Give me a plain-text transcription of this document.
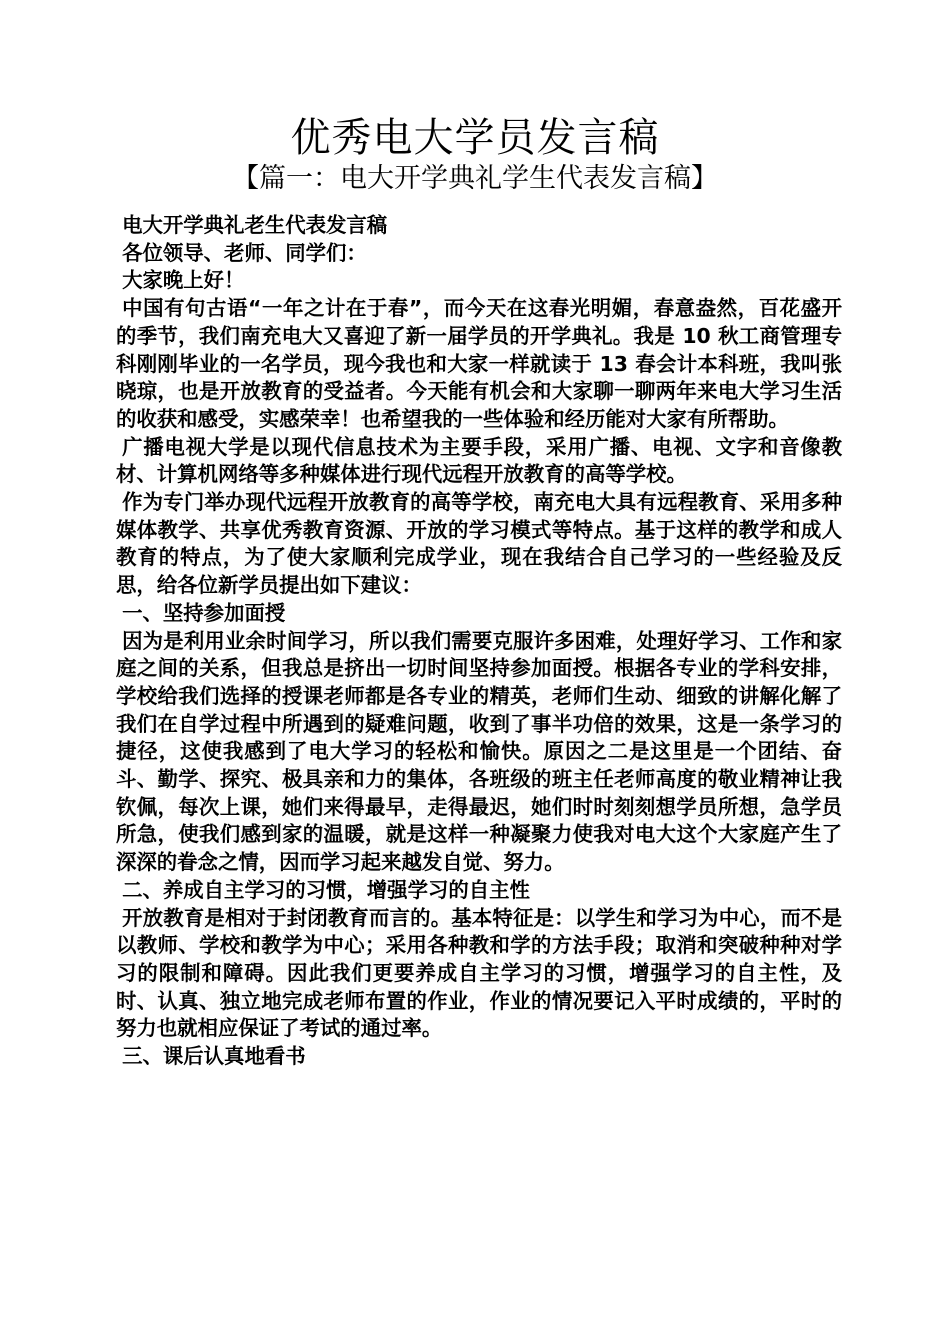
优秀电大学员发言稿
【篇一：电大开学典礼学生代表发言稿】

电大开学典礼老生代表发言稿

各位领导、老师、同学们：

大家晚上好！

中国有句古语“一年之计在于春”，而今天在这春光明媚，春意盎然，百花盛开的季节，我们南充电大又喜迎了新一届学员的开学典礼。我是 10 秋工商管理专科刚刚毕业的一名学员，现今我也和大家一样就读于 13 春会计本科班，我叫张晓琼，也是开放教育的受益者。今天能有机会和大家聊一聊两年来电大学习生活的收获和感受，实感荣幸！也希望我的一些体验和经历能对大家有所帮助。

广播电视大学是以现代信息技术为主要手段，采用广播、电视、文字和音像教材、计算机网络等多种媒体进行现代远程开放教育的高等学校。

作为专门举办现代远程开放教育的高等学校，南充电大具有远程教育、采用多种媒体教学、共享优秀教育资源、开放的学习模式等特点。基于这样的教学和成人教育的特点，为了使大家顺利完成学业，现在我结合自己学习的一些经验及反思，给各位新学员提出如下建议：

一、坚持参加面授

因为是利用业余时间学习，所以我们需要克服许多困难，处理好学习、工作和家庭之间的关系，但我总是挤出一切时间坚持参加面授。根据各专业的学科安排，学校给我们选择的授课老师都是各专业的精英，老师们生动、细致的讲解化解了我们在自学过程中所遇到的疑难问题，收到了事半功倍的效果，这是一条学习的捷径，这使我感到了电大学习的轻松和愉快。原因之二是这里是一个团结、奋斗、勤学、探究、极具亲和力的集体，各班级的班主任老师高度的敬业精神让我钦佩，每次上课，她们来得最早，走得最迟，她们时时刻刻想学员所想，急学员所急，使我们感到家的温暖，就是这样一种凝聚力使我对电大这个大家庭产生了深深的眷念之情，因而学习起来越发自觉、努力。

二、养成自主学习的习惯，增强学习的自主性

开放教育是相对于封闭教育而言的。基本特征是：以学生和学习为中心，而不是以教师、学校和教学为中心；采用各种教和学的方法手段；取消和突破种种对学习的限制和障碍。因此我们更要养成自主学习的习惯，增强学习的自主性，及时、认真、独立地完成老师布置的作业，作业的情况要记入平时成绩的，平时的努力也就相应保证了考试的通过率。

三、课后认真地看书
